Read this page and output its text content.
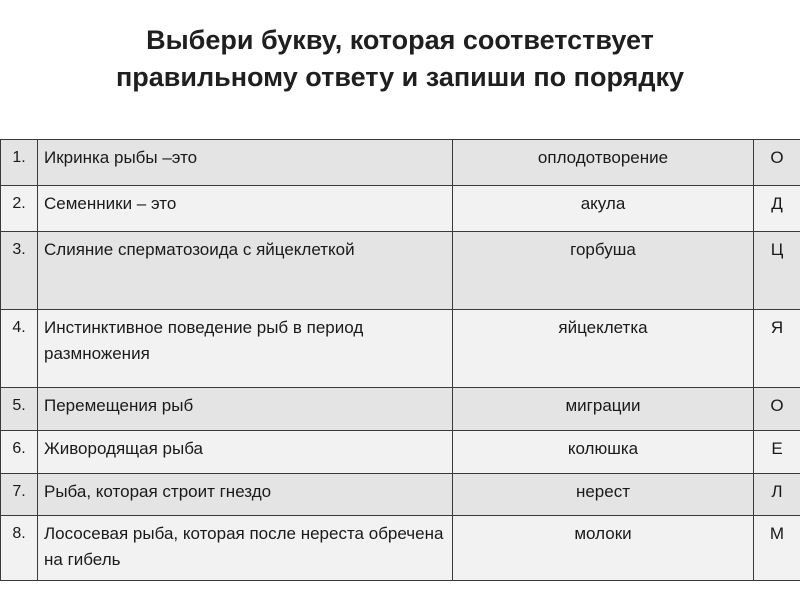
Выбери букву, которая соответствует
правильному ответу и запиши по порядку
1.	Икринка рыбы –это	оплодотворение	О
2.	Семенники – это	акула	Д
3.	Слияние сперматозоида с яйцеклеткой	горбуша	Ц
4.	Инстинктивное поведение рыб в период размножения	яйцеклетка	Я
5.	Перемещения рыб	миграции	О
6.	Живородящая рыба	колюшка	Е
7.	Рыба, которая строит гнездо	нерест	Л
8.	Лососевая рыба, которая после нереста обречена на гибель	молоки	М
